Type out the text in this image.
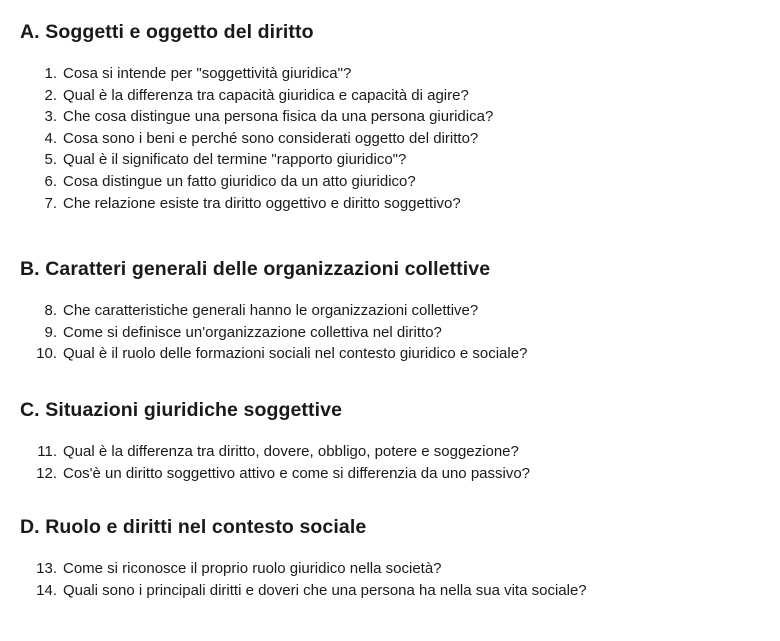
A. Soggetti e oggetto del diritto
1. Cosa si intende per "soggettività giuridica"?
2. Qual è la differenza tra capacità giuridica e capacità di agire?
3. Che cosa distingue una persona fisica da una persona giuridica?
4. Cosa sono i beni e perché sono considerati oggetto del diritto?
5. Qual è il significato del termine "rapporto giuridico"?
6. Cosa distingue un fatto giuridico da un atto giuridico?
7. Che relazione esiste tra diritto oggettivo e diritto soggettivo?
B. Caratteri generali delle organizzazioni collettive
8. Che caratteristiche generali hanno le organizzazioni collettive?
9. Come si definisce un'organizzazione collettiva nel diritto?
10. Qual è il ruolo delle formazioni sociali nel contesto giuridico e sociale?
C. Situazioni giuridiche soggettive
11. Qual è la differenza tra diritto, dovere, obbligo, potere e soggezione?
12. Cos'è un diritto soggettivo attivo e come si differenzia da uno passivo?
D. Ruolo e diritti nel contesto sociale
13. Come si riconosce il proprio ruolo giuridico nella società?
14. Quali sono i principali diritti e doveri che una persona ha nella sua vita sociale?
